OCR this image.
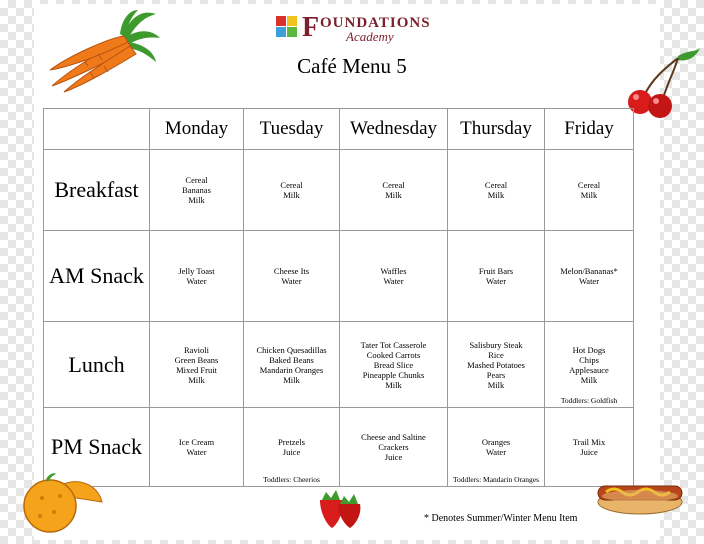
F OUNDATIONS
Academy
Café Menu 5
	Monday	Tuesday	Wednesday	Thursday	Friday
Breakfast	Cereal
Bananas
Milk	Cereal
Milk	Cereal
Milk	Cereal
Milk	Cereal
Milk

AM Snack	Jelly Toast
Water	Cheese Its
Water	Waffles
Water	Fruit Bars
Water	Melon/Bananas*
Water

Lunch	Ravioli
Green Beans
Mixed Fruit
Milk	Chicken Quesadillas
Baked Beans
Mandarin Oranges
Milk	Tater Tot Casserole
Cooked Carrots
Bread Slice
Pineapple Chunks
Milk	Salisbury Steak
Rice
Mashed Potatoes
Pears
Milk	Hot Dogs
Chips
Applesauce
Milk
Toddlers: Goldfish

PM Snack	Ice Cream
Water	Pretzels
Juice
Toddlers: Cheerios	Cheese and Saltine
Crackers
Juice	Oranges
Water
Toddlers: Mandarin Oranges	Trail Mix
Juice
* Denotes Summer/Winter Menu Item
